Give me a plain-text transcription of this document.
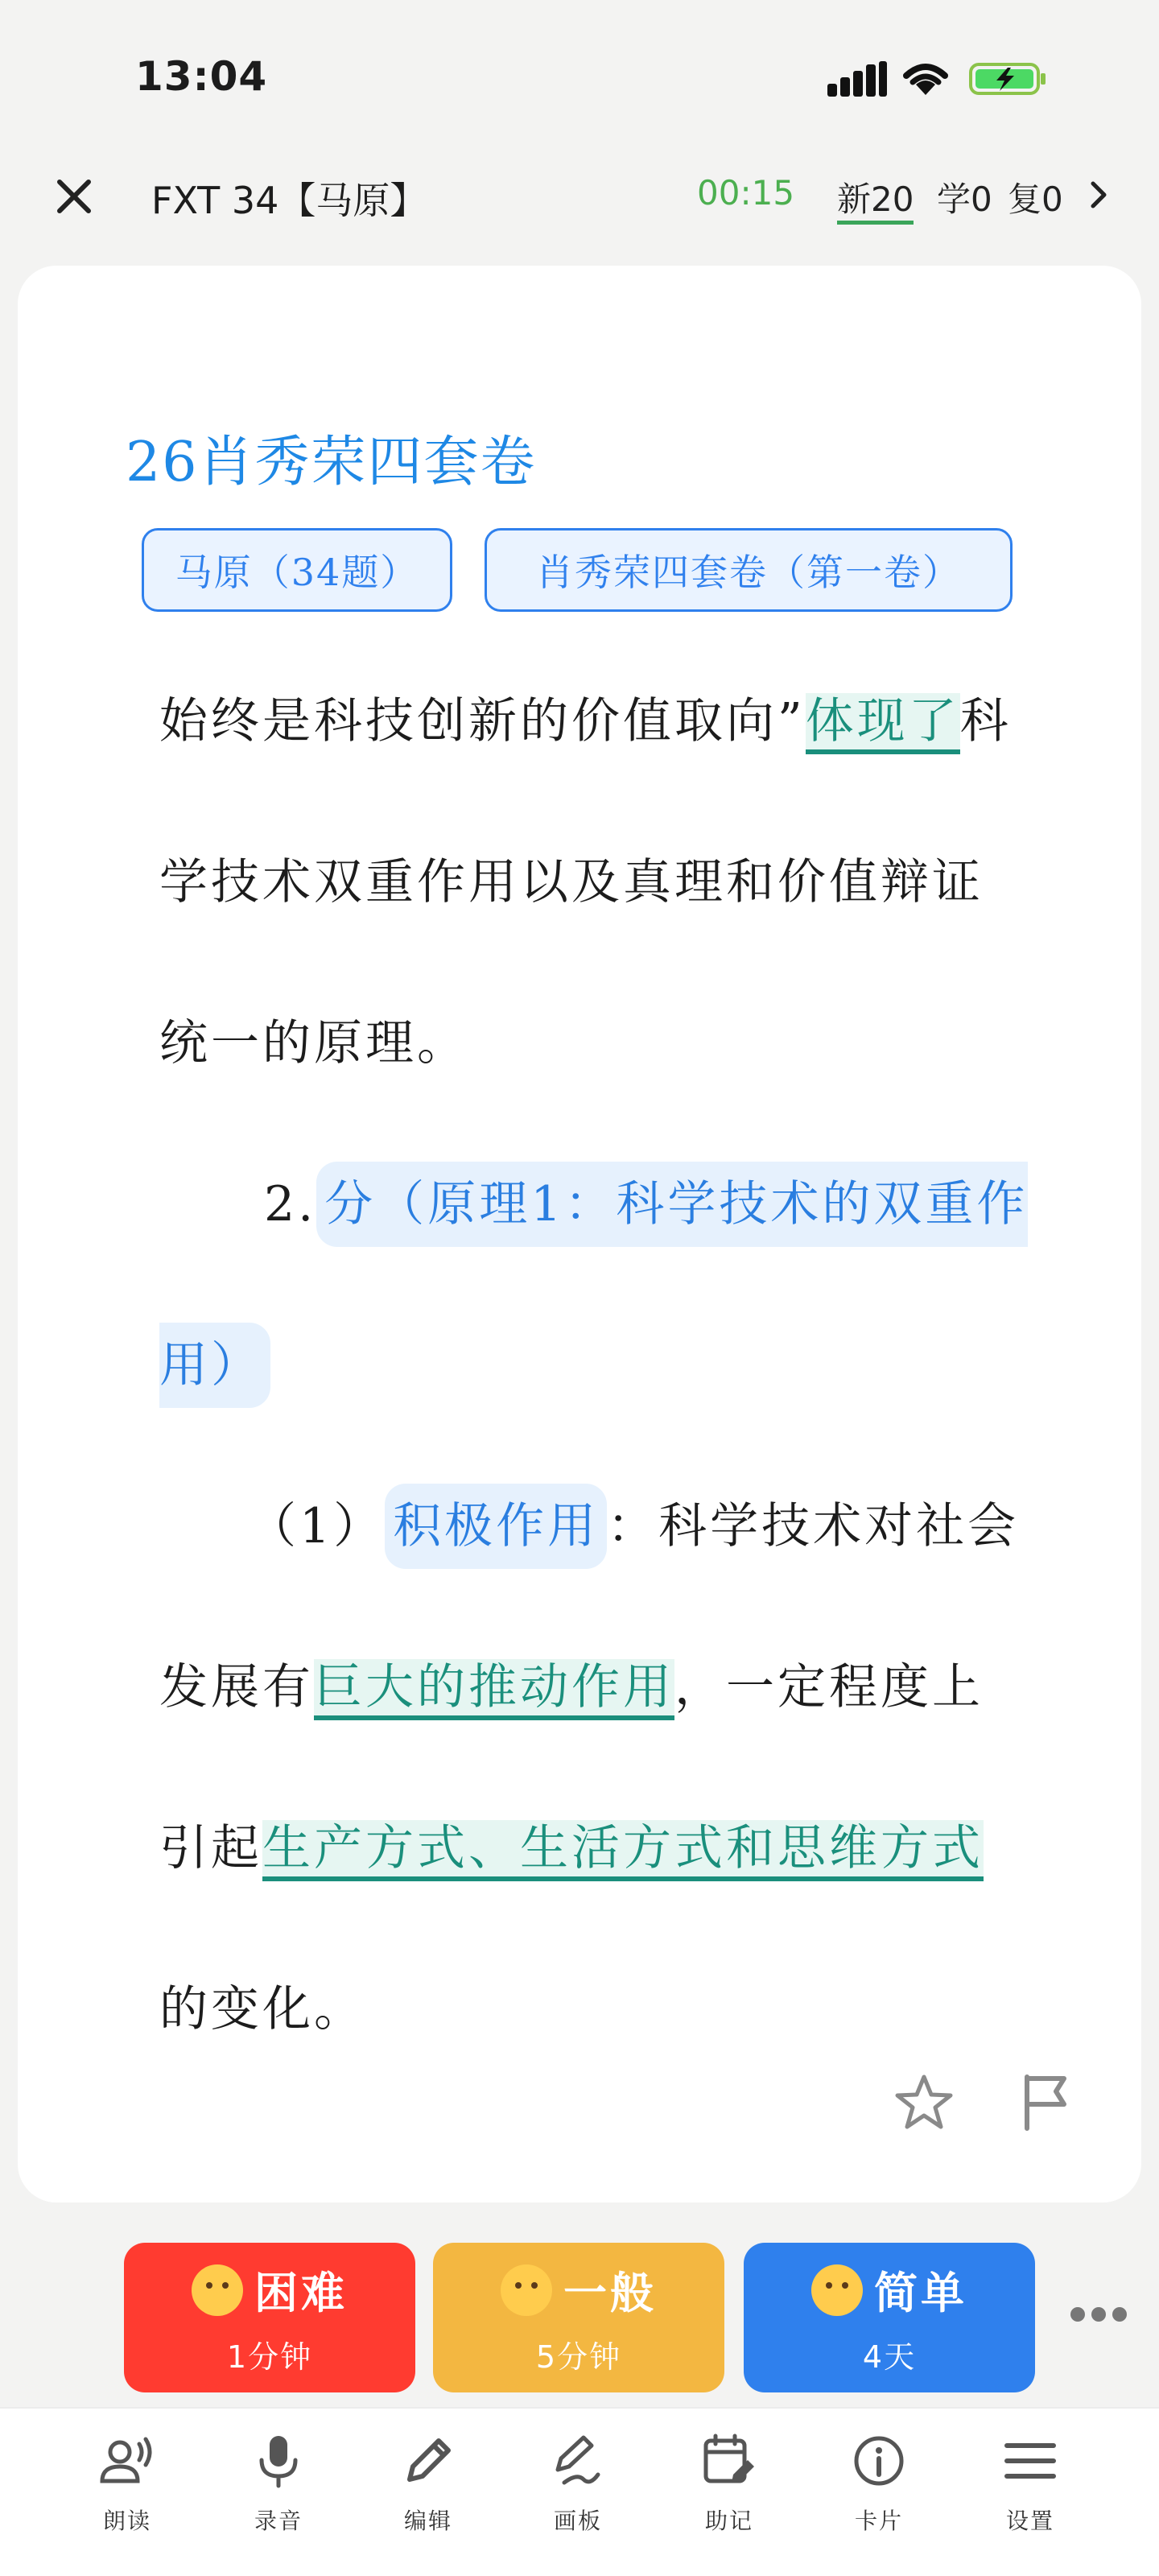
13:04
FXT 34【马原】	00:15 新20 学0 复0
26肖秀荣四套卷
马原（34题）	肖秀荣四套卷（第一卷）

始终是科技创新的价值取向”体现了科学技术双重作用以及真理和价值辩证统一的原理。

2. 分（原理1：科学技术的双重作用）

（1） 积极作用 ：科学技术对社会发展有巨大的推动作用，一定程度上引起生产方式、生活方式和思维方式的变化。

困难
1分钟
一般
5分钟
简单
4天
朗读	录音	编辑	画板	助记	卡片	设置
